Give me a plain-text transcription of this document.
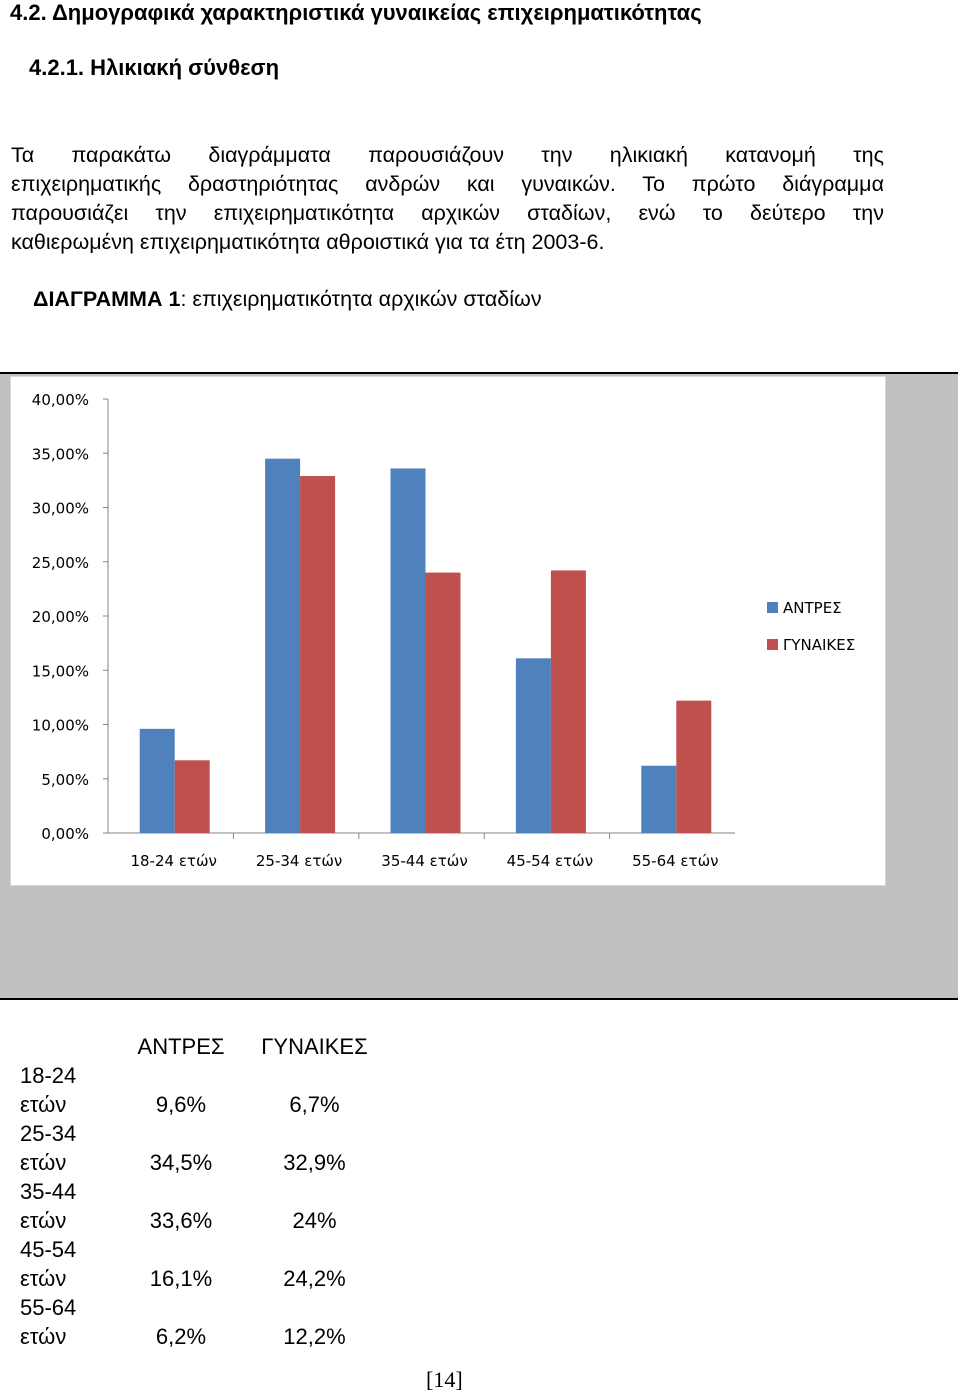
4.2. Δημογραφικά χαρακτηριστικά γυναικείας επιχειρηματικότητας
4.2.1. Ηλικιακή σύνθεση
Τα παρακάτω διαγράμματα παρουσιάζουν την ηλικιακή κατανομή της
επιχειρηματικής δραστηριότητας ανδρών και γυναικών. Το πρώτο διάγραμμα
παρουσιάζει την επιχειρηματικότητα αρχικών σταδίων, ενώ το δεύτερο την
καθιερωμένη επιχειρηματικότητα αθροιστικά για τα έτη 2003-6.
ΔΙΑΓΡΑΜΜΑ 1: επιχειρηματικότητα αρχικών σταδίων
0,00%
5,00%
10,00%
15,00%
20,00%
25,00%
30,00%
35,00%
40,00%
18-24 ετών	25-34 ετών	35-44 ετών	45-54 ετών	55-64 ετών
ΑΝΤΡΕΣ
ΓΥΝΑΙΚΕΣ
	ΑΝΤΡΕΣ	ΓΥΝΑΙΚΕΣ
18-24		
ετών	9,6%	6,7%
25-34		
ετών	34,5%	32,9%
35-44		
ετών	33,6%	24%
45-54		
ετών	16,1%	24,2%
55-64		
ετών	6,2%	12,2%
[14]
